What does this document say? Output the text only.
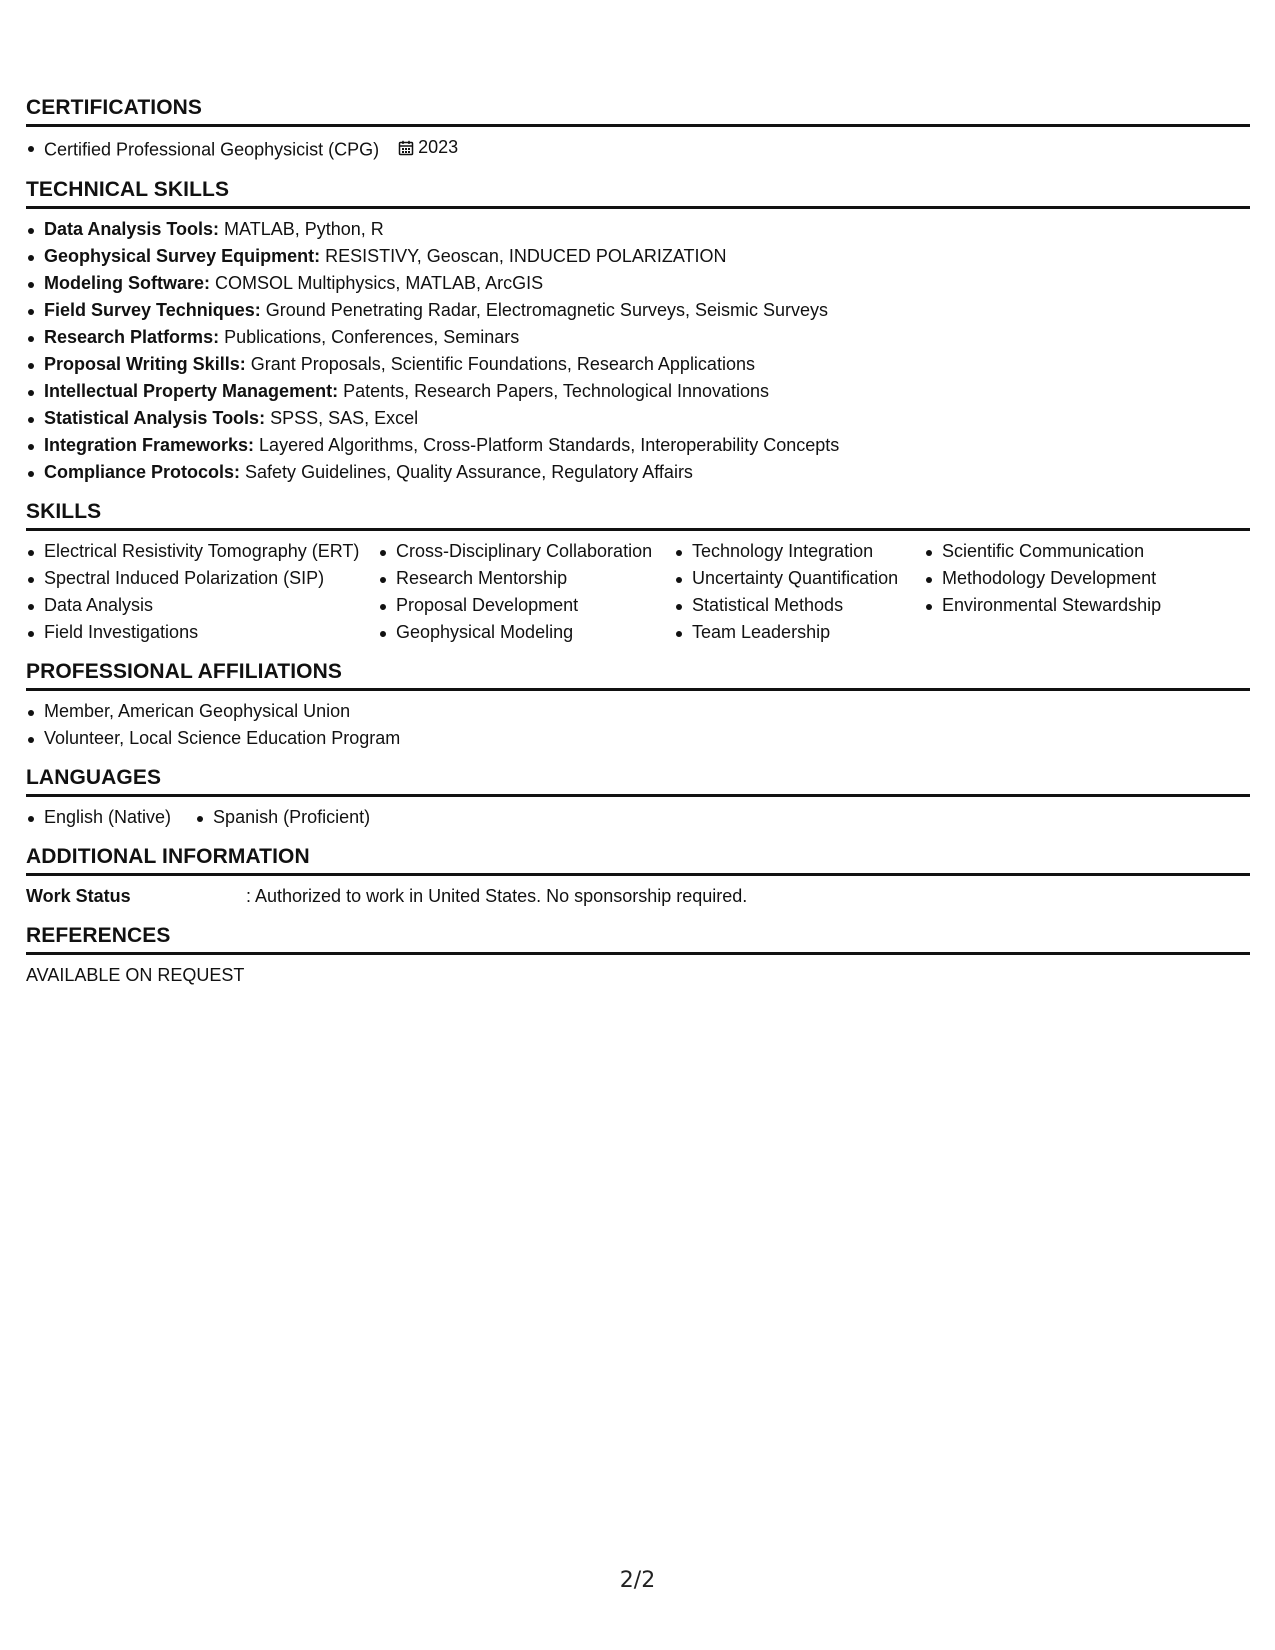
CERTIFICATIONS
Certified Professional Geophysicist (CPG) 2023
TECHNICAL SKILLS
Data Analysis Tools: MATLAB, Python, R
Geophysical Survey Equipment: RESISTIVY, Geoscan, INDUCED POLARIZATION
Modeling Software: COMSOL Multiphysics, MATLAB, ArcGIS
Field Survey Techniques: Ground Penetrating Radar, Electromagnetic Surveys, Seismic Surveys
Research Platforms: Publications, Conferences, Seminars
Proposal Writing Skills: Grant Proposals, Scientific Foundations, Research Applications
Intellectual Property Management: Patents, Research Papers, Technological Innovations
Statistical Analysis Tools: SPSS, SAS, Excel
Integration Frameworks: Layered Algorithms, Cross-Platform Standards, Interoperability Concepts
Compliance Protocols: Safety Guidelines, Quality Assurance, Regulatory Affairs
SKILLS
Electrical Resistivity Tomography (ERT)
Spectral Induced Polarization (SIP)
Data Analysis
Field Investigations
Cross-Disciplinary Collaboration
Research Mentorship
Proposal Development
Geophysical Modeling
Technology Integration
Uncertainty Quantification
Statistical Methods
Team Leadership
Scientific Communication
Methodology Development
Environmental Stewardship
PROFESSIONAL AFFILIATIONS
Member, American Geophysical Union
Volunteer, Local Science Education Program
LANGUAGES
English (Native)	Spanish (Proficient)
ADDITIONAL INFORMATION
Work Status	: Authorized to work in United States. No sponsorship required.
REFERENCES
AVAILABLE ON REQUEST
2/2
